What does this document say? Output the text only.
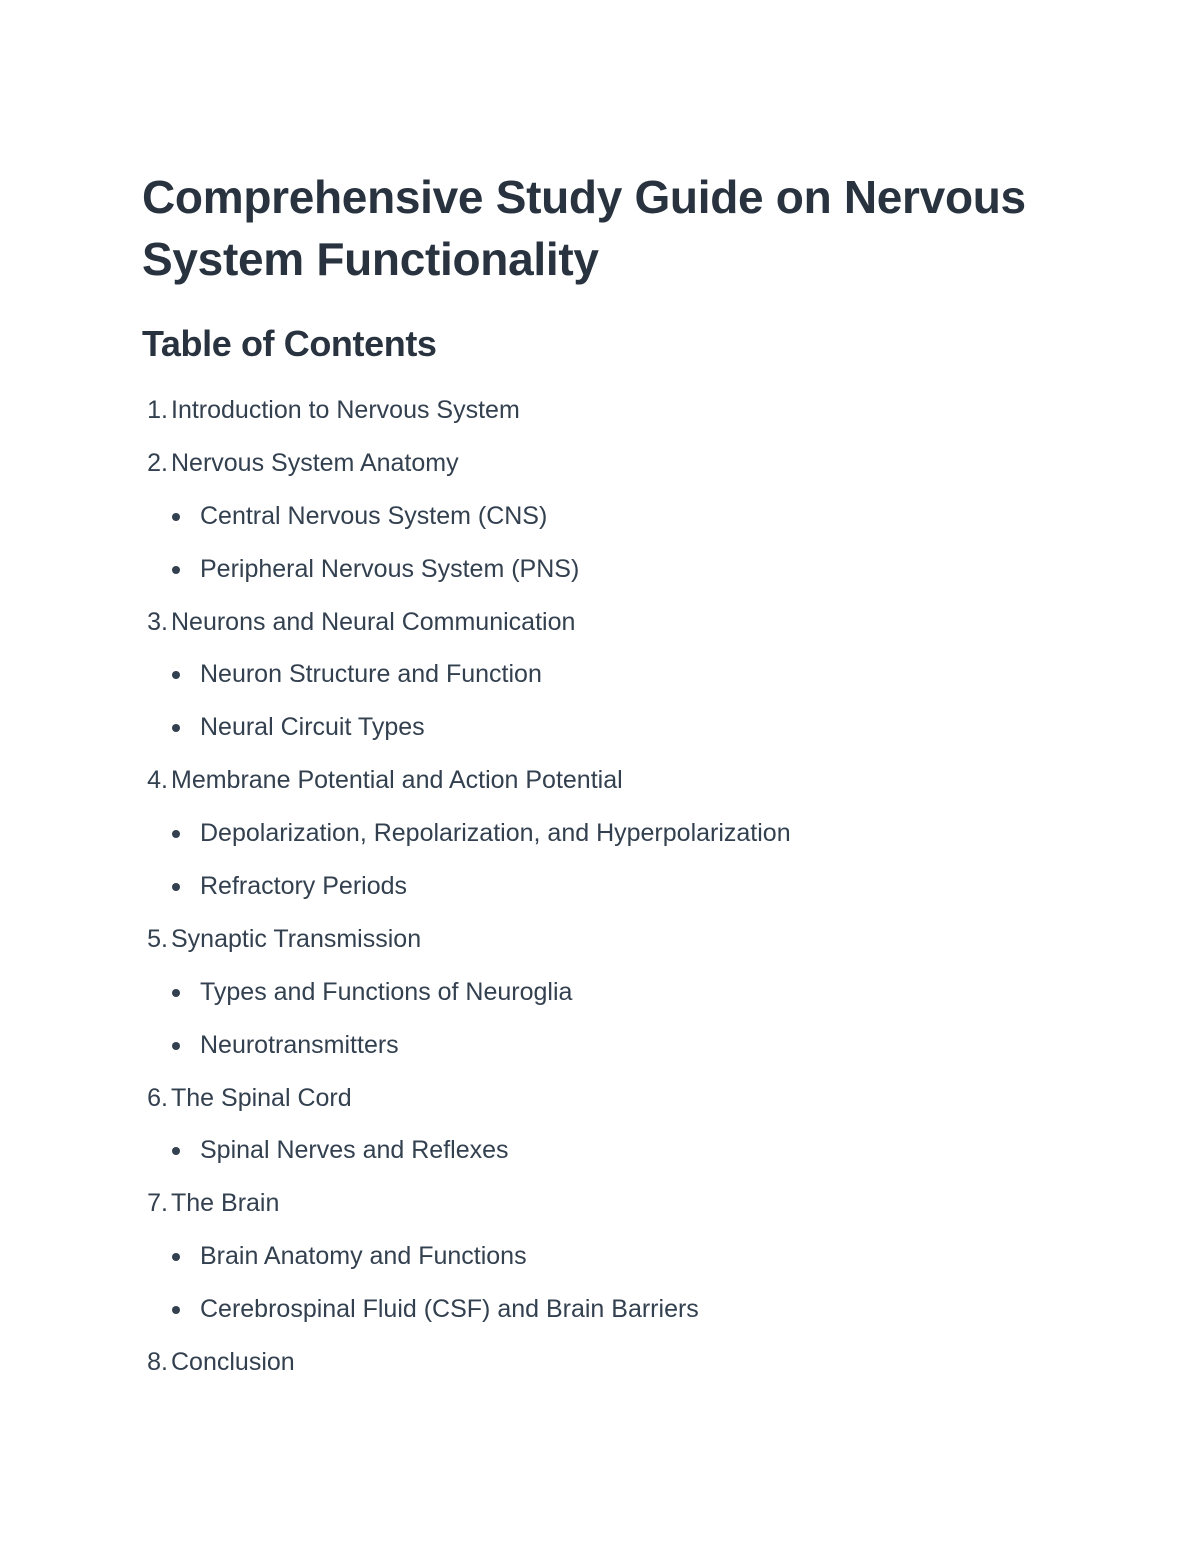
Comprehensive Study Guide on Nervous System Functionality
Table of Contents
1. Introduction to Nervous System
2. Nervous System Anatomy
Central Nervous System (CNS)
Peripheral Nervous System (PNS)
3. Neurons and Neural Communication
Neuron Structure and Function
Neural Circuit Types
4. Membrane Potential and Action Potential
Depolarization, Repolarization, and Hyperpolarization
Refractory Periods
5. Synaptic Transmission
Types and Functions of Neuroglia
Neurotransmitters
6. The Spinal Cord
Spinal Nerves and Reflexes
7. The Brain
Brain Anatomy and Functions
Cerebrospinal Fluid (CSF) and Brain Barriers
8. Conclusion
